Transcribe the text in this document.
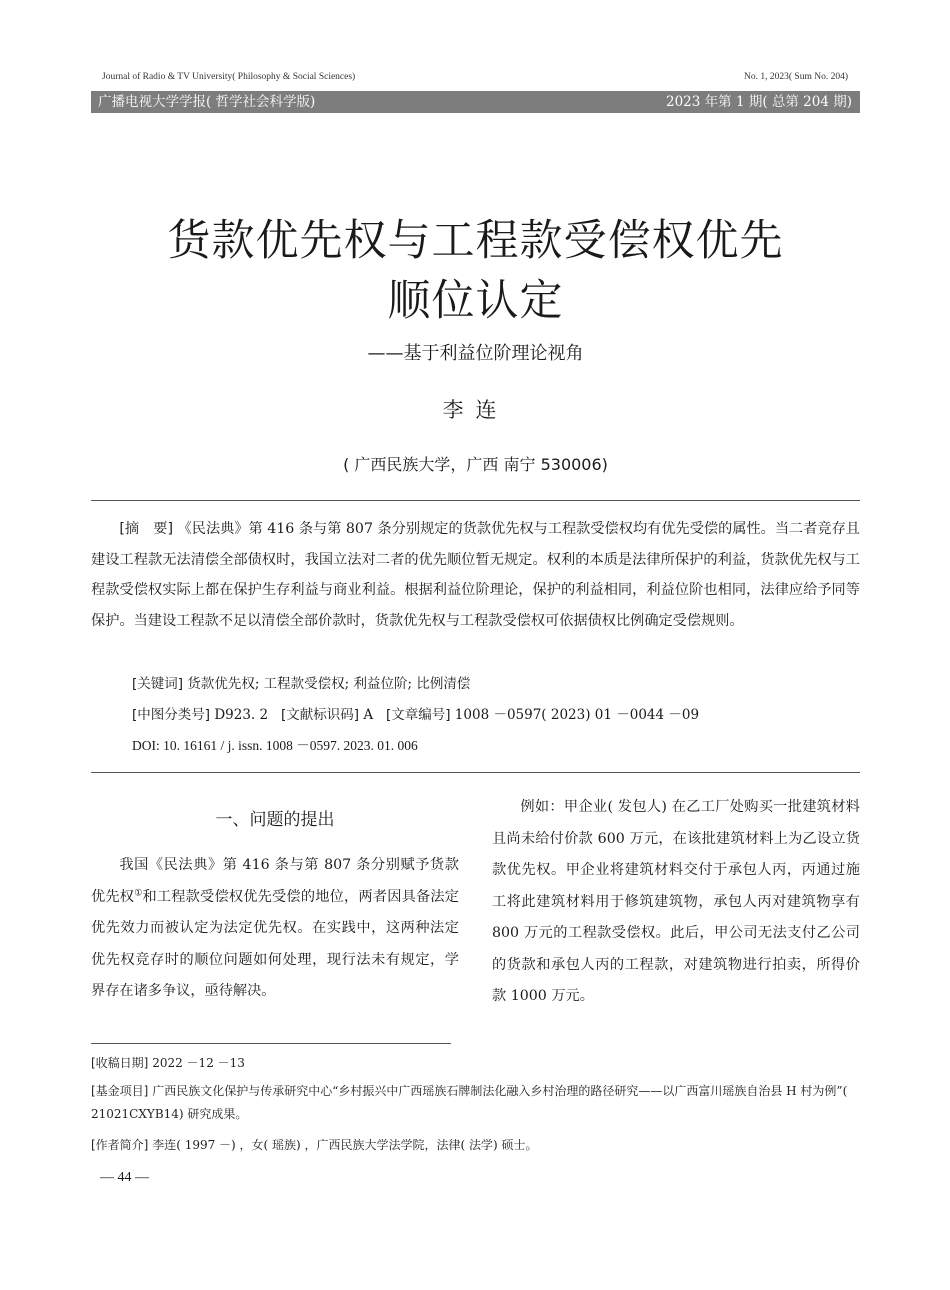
Journal of Radio & TV University( Philosophy & Social Sciences)	No. 1, 2023( Sum No. 204)
广播电视大学学报( 哲学社会科学版)	2023 年第 1 期( 总第 204 期)
货款优先权与工程款受偿权优先
顺位认定
——基于利益位阶理论视角
李连
( 广西民族大学，广西 南宁 530006)

[摘　要] 《民法典》第 416 条与第 807 条分别规定的货款优先权与工程款受偿权均有优先受偿的属性。当二者竞存且建设工程款无法清偿全部债权时，我国立法对二者的优先顺位暂无规定。权利的本质是法律所保护的利益，货款优先权与工程款受偿权实际上都在保护生存利益与商业利益。根据利益位阶理论，保护的利益相同，利益位阶也相同，法律应给予同等保护。当建设工程款不足以清偿全部价款时，货款优先权与工程款受偿权可依据债权比例确定受偿规则。

[关键词] 货款优先权; 工程款受偿权; 利益位阶; 比例清偿
[中图分类号] D923. 2 [文献标识码] A [文章编号] 1008 －0597( 2023) 01 －0044 －09
DOI: 10. 16161 / j. issn. 1008 －0597. 2023. 01. 006
一、问题的提出

我国《民法典》第 416 条与第 807 条分别赋予货款优先权①和工程款受偿权优先受偿的地位，两者因具备法定优先效力而被认定为法定优先权。在实践中，这两种法定优先权竞存时的顺位问题如何处理，现行法未有规定，学界存在诸多争议，亟待解决。

例如：甲企业( 发包人) 在乙工厂处购买一批建筑材料且尚未给付价款 600 万元，在该批建筑材料上为乙设立货款优先权。甲企业将建筑材料交付于承包人丙，丙通过施工将此建筑材料用于修筑建筑物，承包人丙对建筑物享有 800 万元的工程款受偿权。此后，甲公司无法支付乙公司的货款和承包人丙的工程款，对建筑物进行拍卖，所得价款 1000 万元。

[收稿日期] 2022 －12 －13
[基金项目] 广西民族文化保护与传承研究中心“乡村振兴中广西瑶族石牌制法化融入乡村治理的路径研究——以广西富川瑶族自治县 H 村为例”( 21021CXYB14) 研究成果。
[作者简介] 李连( 1997 －) ，女( 瑶族) ，广西民族大学法学院，法律( 法学) 硕士。
— 44 —
